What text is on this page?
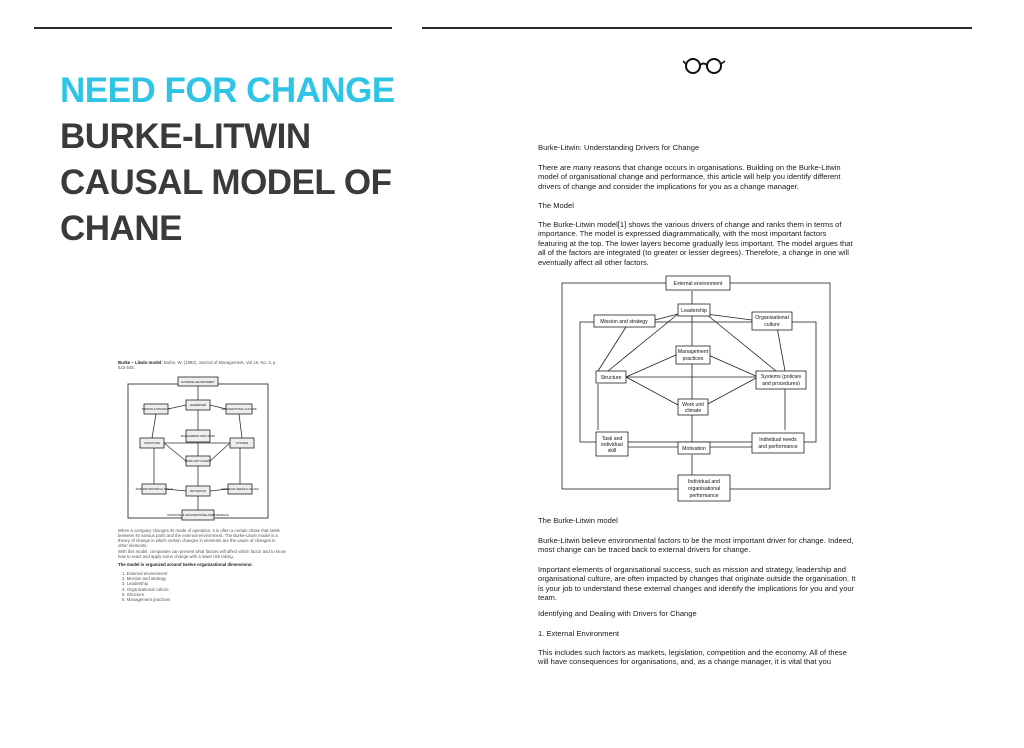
NEED FOR CHANGE
BURKE-LITWIN
CAUSAL MODEL OF
CHANE
Burke – Litwin model: Burke, W. (1992), Journal of Management, Vol 18, No. 3, p. 523-545.
EXTERNAL ENVIRONMENT
MISSION & STRATEGY
LEADERSHIP
ORGANIZATIONAL CULTURE
STRUCTURE
MANAGEMENT PRACTICES
SYSTEMS
WORK UNIT CLIMATE
TASK AND INDIVIDUAL SKILLS
MOTIVATION
INDIVIDUAL NEEDS & VALUES
INDIVIDUAL & ORGANIZATIONAL PERFORMANCE
When a company changes its mode of operation, it is often a certain chase that settle between its various parts and the external environment. The Burke-Litwin model is a theory of change in which certain changes in elements are the cause of changes in other elements.
With this model, companies can prevent what factors will affect which factor and to know how to react and apply some change with a lower risk taking.
The model is organized around twelve organizational dimensions:
1. External environment
2. Mission and strategy
3. Leadership
4. Organizational culture
5. Structure
6. Management practices
Burke-Litwin: Understanding Drivers for Change
There are many reasons that change occurs in organisations. Building on the Burke-Litwin model of organisational change and performance, this article will help you identify different drivers of change and consider the implications for you as a change manager.
The Model
The Burke-Litwin model[1] shows the various drivers of change and ranks them in terms of importance. The model is expressed diagrammatically, with the most important factors featuring at the top. The lower layers become gradually less important. The model argues that all of the factors are integrated (to greater or lesser degrees). Therefore, a change in one will eventually affect all other factors.
External environment
Mission and strategy
Leadership
Organisational
culture
Management
practices
Structure	Systems (policies
and procedures)
Work unit
climate
Task and
individual
skill	Motivation
Individual needs
and performance
Individual and
organisational
performance
The Burke-Litwin model
Burke-Litwin believe environmental factors to be the most important driver for change. Indeed, most change can be traced back to external drivers for change.
Important elements of organisational success, such as mission and strategy, leadership and organisational culture, are often impacted by changes that originate outside the organisation. It is your job to understand these external changes and identify the implications for you and your team.
Identifying and Dealing with Drivers for Change
1. External Environment
This includes such factors as markets, legislation, competition and the economy. All of these will have consequences for organisations, and, as a change manager, it is vital that you
